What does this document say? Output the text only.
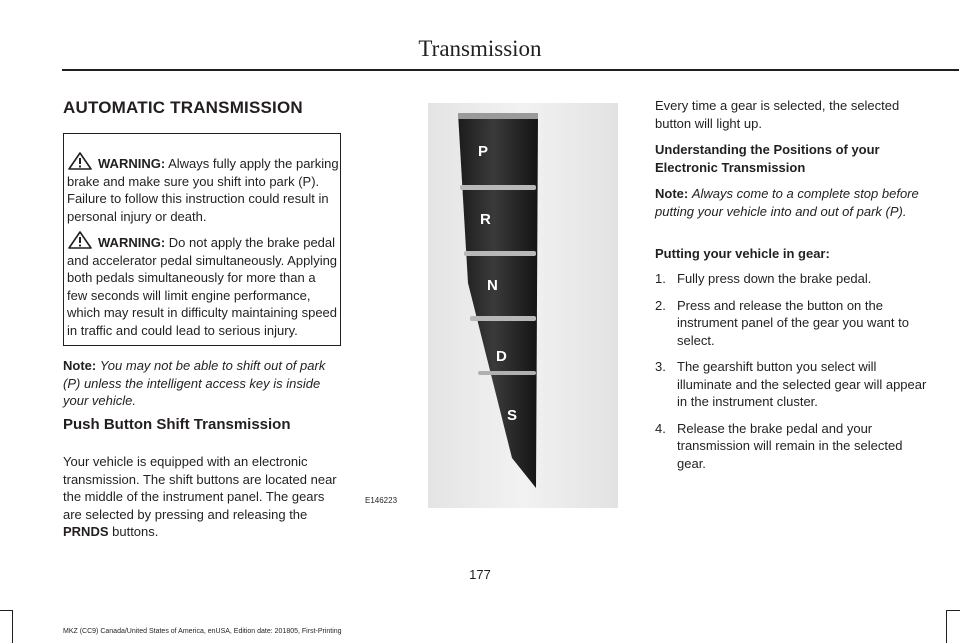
Transmission
AUTOMATIC TRANSMISSION
WARNING: Always fully apply the parking brake and make sure you shift into park (P). Failure to follow this instruction could result in personal injury or death.
WARNING: Do not apply the brake pedal and accelerator pedal simultaneously. Applying both pedals simultaneously for more than a few seconds will limit engine performance, which may result in difficulty maintaining speed in traffic and could lead to serious injury.
Note: You may not be able to shift out of park (P) unless the intelligent access key is inside your vehicle.
Push Button Shift Transmission
Your vehicle is equipped with an electronic transmission. The shift buttons are located near the middle of the instrument panel. The gears are selected by pressing and releasing the PRNDS buttons.
P
R
N
D
S
E146223
Every time a gear is selected, the selected button will light up.
Understanding the Positions of your Electronic Transmission
Note: Always come to a complete stop before putting your vehicle into and out of park (P).
Putting your vehicle in gear:
1. Fully press down the brake pedal.
2. Press and release the button on the instrument panel of the gear you want to select.
3. The gearshift button you select will illuminate and the selected gear will appear in the instrument cluster.
4. Release the brake pedal and your transmission will remain in the selected gear.
177
MKZ (CC9) Canada/United States of America, enUSA, Edition date: 201805, First-Printing
